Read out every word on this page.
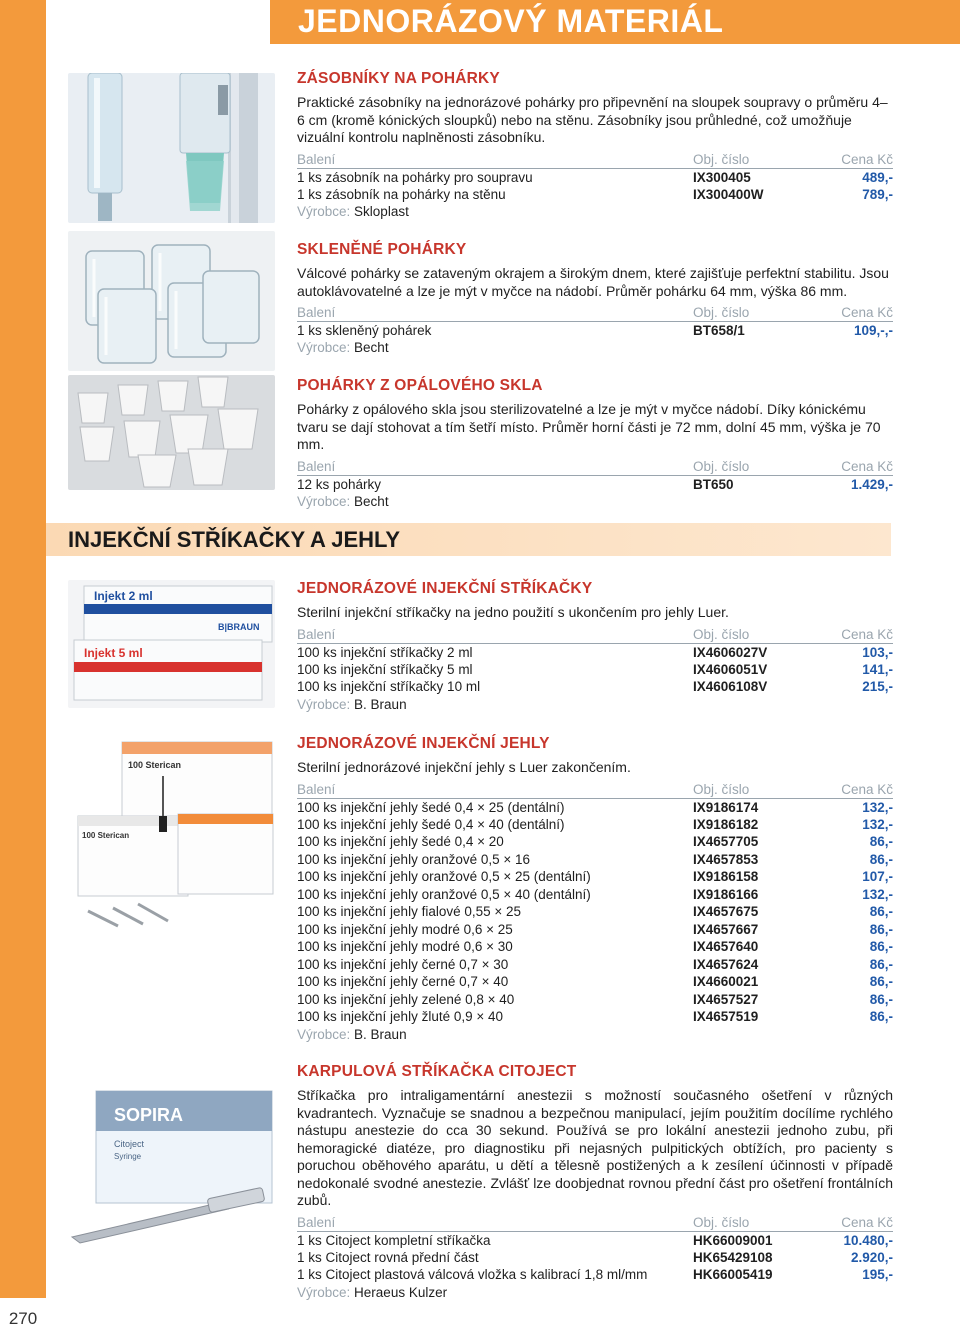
270
JEDNORÁZOVÝ MATERIÁL
Injekt 2 ml
B|BRAUN
Injekt 5 ml
100 Sterican
100 Sterican
SOPIRA
Citoject
Syringe
INJEKČNÍ STŘÍKAČKY A JEHLY
ZÁSOBNÍKY NA POHÁRKY
Praktické zásobníky na jednorázové pohárky pro připevnění na sloupek soupravy o průměru 4–6 cm (kromě kónických sloupků) nebo na stěnu. Zásobníky jsou průhledné, což umožňuje vizuální kontrolu naplněnosti zásobníku.
Balení	Obj. číslo	Cena Kč
1 ks zásobník na pohárky pro soupravu	IX300405	489,-
1 ks zásobník na pohárky na stěnu	IX300400W	789,-
Výrobce: Skloplast
SKLENĚNÉ POHÁRKY
Válcové pohárky se zataveným okrajem a širokým dnem, které zajišťuje perfektní stabilitu. Jsou autoklávovatelné a lze je mýt v myčce na nádobí. Průměr pohárku 64 mm, výška 86 mm.
Balení	Obj. číslo	Cena Kč
1 ks skleněný pohárek	BT658/1	109,-,-
Výrobce: Becht
POHÁRKY Z OPÁLOVÉHO SKLA
Pohárky z opálového skla jsou sterilizovatelné a lze je mýt v myčce nádobí. Díky kónickému tvaru se dají stohovat a tím šetří místo. Průměr horní části je 72 mm, dolní 45 mm, výška je 70 mm.
Balení	Obj. číslo	Cena Kč
12 ks pohárky	BT650	1.429,-
Výrobce: Becht
JEDNORÁZOVÉ INJEKČNÍ STŘÍKAČKY
Sterilní injekční stříkačky na jedno použití s ukončením pro jehly Luer.
Balení	Obj. číslo	Cena Kč
100 ks injekční stříkačky 2 ml	IX4606027V	103,-
100 ks injekční stříkačky 5 ml	IX4606051V	141,-
100 ks injekční stříkačky 10 ml	IX4606108V	215,-
Výrobce: B. Braun
JEDNORÁZOVÉ INJEKČNÍ JEHLY
Sterilní jednorázové injekční jehly s Luer zakončením.
Balení	Obj. číslo	Cena Kč
100 ks injekční jehly šedé 0,4 × 25 (dentální)	IX9186174	132,-
100 ks injekční jehly šedé 0,4 × 40 (dentální)	IX9186182	132,-
100 ks injekční jehly šedé 0,4 × 20	IX4657705	86,-
100 ks injekční jehly oranžové 0,5 × 16	IX4657853	86,-
100 ks injekční jehly oranžové 0,5 × 25 (dentální)	IX9186158	107,-
100 ks injekční jehly oranžové 0,5 × 40 (dentální)	IX9186166	132,-
100 ks injekční jehly fialové 0,55 × 25	IX4657675	86,-
100 ks injekční jehly modré 0,6 × 25	IX4657667	86,-
100 ks injekční jehly modré 0,6 × 30	IX4657640	86,-
100 ks injekční jehly černé 0,7 × 30	IX4657624	86,-
100 ks injekční jehly černé 0,7 × 40	IX4660021	86,-
100 ks injekční jehly zelené 0,8 × 40	IX4657527	86,-
100 ks injekční jehly žluté 0,9 × 40	IX4657519	86,-
Výrobce: B. Braun
KARPULOVÁ STŘÍKAČKA CITOJECT
Stříkačka pro intraligamentární anestezii s možností současného ošetření v různých kvadrantech. Vyznačuje se snadnou a bezpečnou manipulací, jejím použitím docílíme rychlého nástupu anestezie do cca 30 sekund. Používá se pro lokální anestezii jednoho zubu, při hemoragické diatéze, pro diagnostiku při nejasných pulpitických obtížích, pro pacienty s poruchou oběhového aparátu, u dětí a tělesně postižených a k zesílení účinnosti v případě nedokonalé svodné anestezie. Zvlášť lze doobjednat rovnou přední část pro ošetření frontálních zubů.
Balení	Obj. číslo	Cena Kč
1 ks Citoject kompletní stříkačka	HK66009001	10.480,-
1 ks Citoject rovná přední část	HK65429108	2.920,-
1 ks Citoject plastová válcová vložka s kalibrací 1,8 ml/mm	HK66005419	195,-
Výrobce: Heraeus Kulzer
